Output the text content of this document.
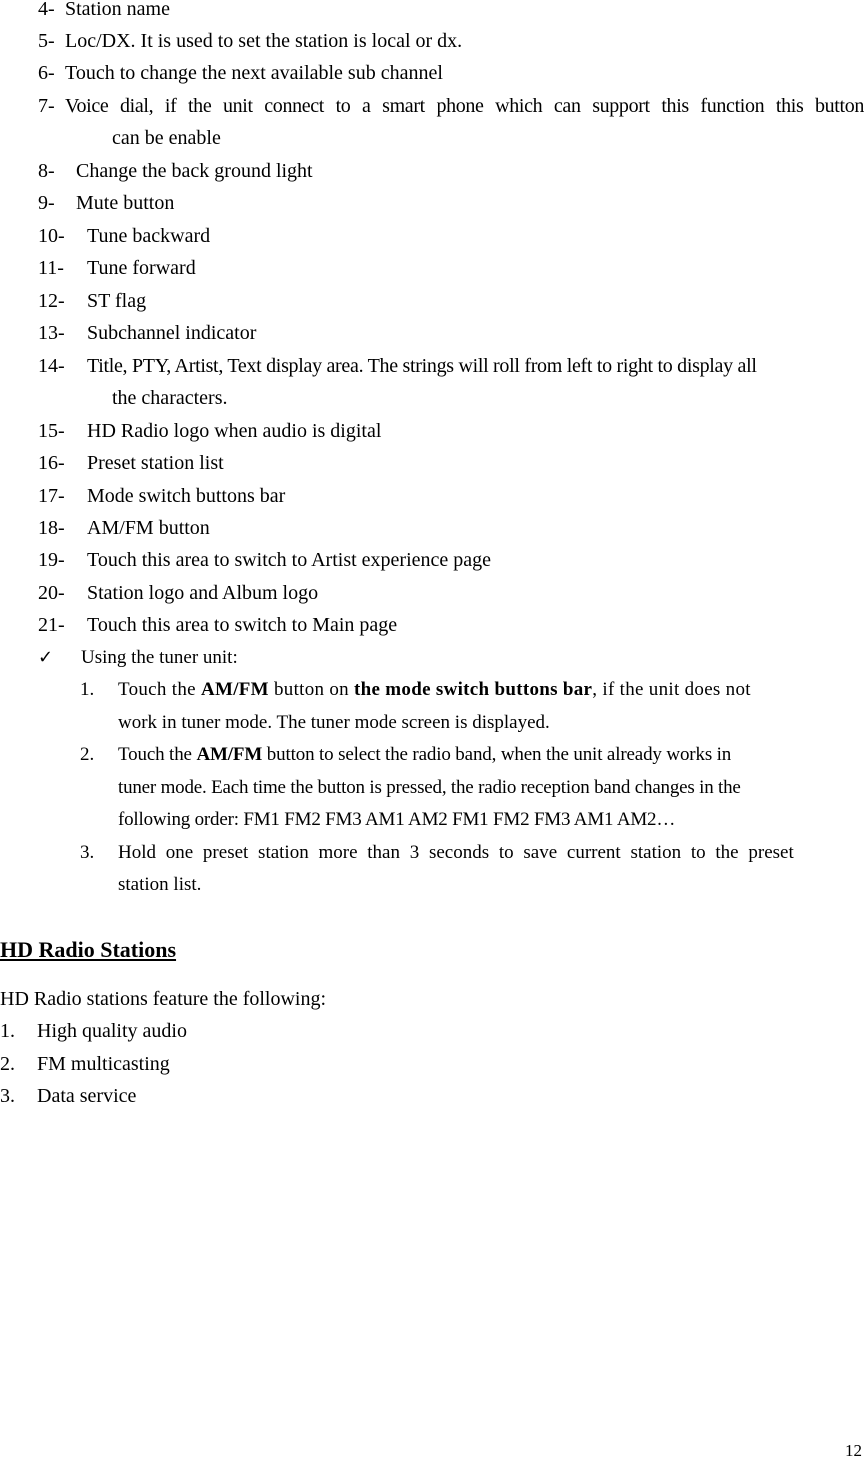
4- Station name
5- Loc/DX. It is used to set the station is local or dx.
6- Touch to change the next available sub channel
7- Voice dial, if the unit connect to a smart phone which can support this function this button
can be enable
8- Change the back ground light
9- Mute button
10- Tune backward
11- Tune forward
12- ST flag
13- Subchannel indicator
14- Title, PTY, Artist, Text display area. The strings will roll from left to right to display all
the characters.
15- HD Radio logo when audio is digital
16- Preset station list
17- Mode switch buttons bar
18- AM/FM button
19- Touch this area to switch to Artist experience page
20- Station logo and Album logo
21- Touch this area to switch to Main page
✓ Using the tuner unit:
1. Touch the AM/FM button on the mode switch buttons bar, if the unit does not
work in tuner mode. The tuner mode screen is displayed.
2. Touch the AM/FM button to select the radio band, when the unit already works in
tuner mode. Each time the button is pressed, the radio reception band changes in the
following order: FM1 FM2 FM3 AM1 AM2 FM1 FM2 FM3 AM1 AM2…
3. Hold one preset station more than 3 seconds to save current station to the preset
station list.
HD Radio Stations
HD Radio stations feature the following:
1. High quality audio
2. FM multicasting
3. Data service
12
